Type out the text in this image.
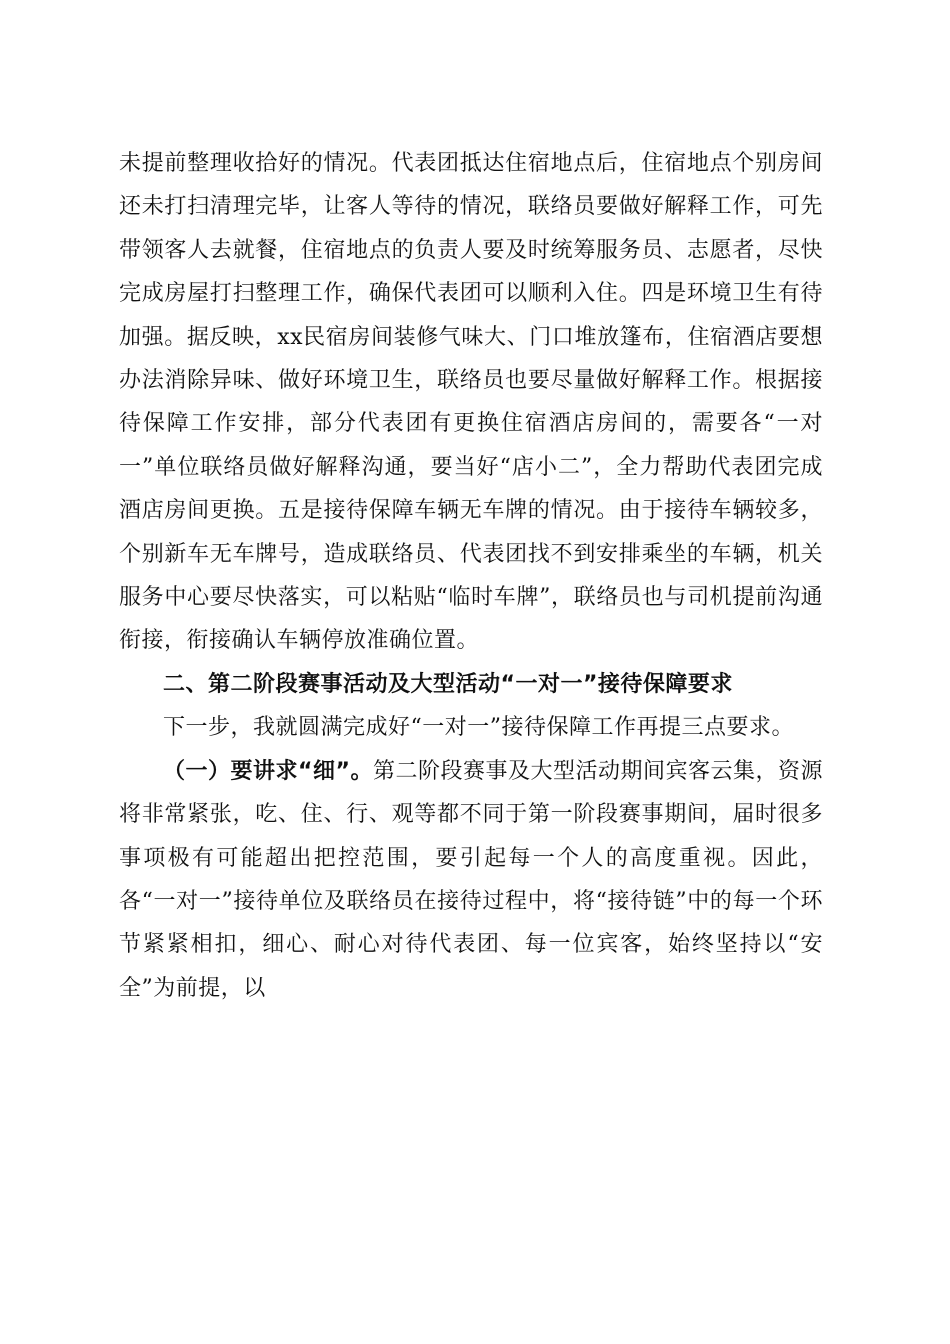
未提前整理收拾好的情况。代表团抵达住宿地点后，住宿地点个别房间还未打扫清理完毕，让客人等待的情况，联络员要做好解释工作，可先带领客人去就餐，住宿地点的负责人要及时统筹服务员、志愿者，尽快完成房屋打扫整理工作，确保代表团可以顺利入住。四是环境卫生有待加强。据反映，xx民宿房间装修气味大、门口堆放篷布，住宿酒店要想办法消除异味、做好环境卫生，联络员也要尽量做好解释工作。根据接待保障工作安排，部分代表团有更换住宿酒店房间的，需要各“一对一”单位联络员做好解释沟通，要当好“店小二”，全力帮助代表团完成酒店房间更换。五是接待保障车辆无车牌的情况。由于接待车辆较多，个别新车无车牌号，造成联络员、代表团找不到安排乘坐的车辆，机关服务中心要尽快落实，可以粘贴“临时车牌”，联络员也与司机提前沟通衔接，衔接确认车辆停放准确位置。

二、第二阶段赛事活动及大型活动“一对一”接待保障要求

下一步，我就圆满完成好“一对一”接待保障工作再提三点要求。

（一）要讲求“细”。第二阶段赛事及大型活动期间宾客云集，资源将非常紧张，吃、住、行、观等都不同于第一阶段赛事期间，届时很多事项极有可能超出把控范围，要引起每一个人的高度重视。因此，各“一对一”接待单位及联络员在接待过程中，将“接待链”中的每一个环节紧紧相扣，细心、耐心对待代表团、每一位宾客，始终坚持以“安全”为前提，以
